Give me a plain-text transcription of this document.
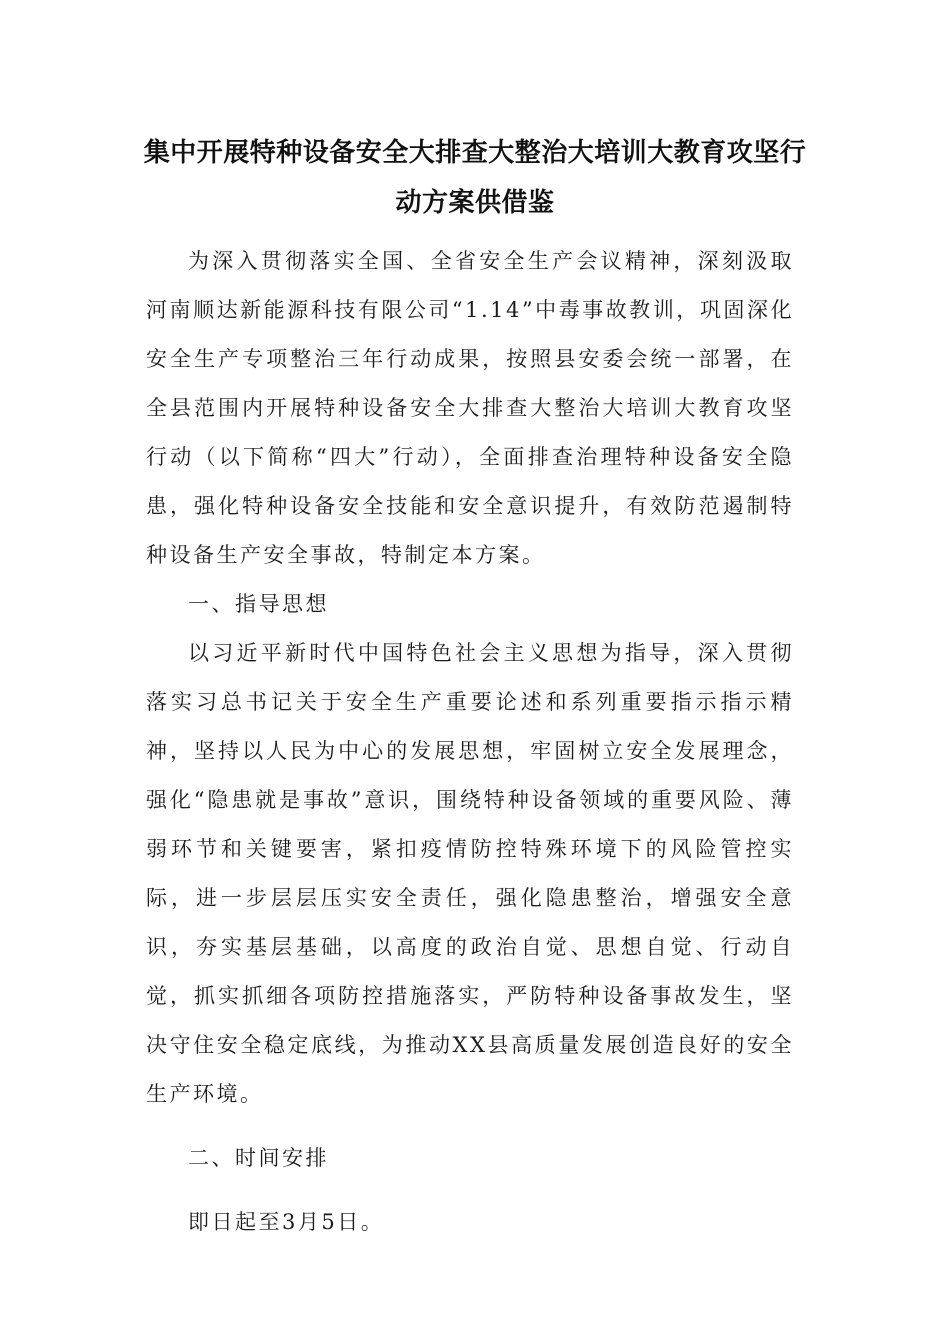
集中开展特种设备安全大排查大整治大培训大教育攻坚行
动方案供借鉴

为深入贯彻落实全国、全省安全生产会议精神，深刻汲取河南顺达新能源科技有限公司“1.14”中毒事故教训，巩固深化安全生产专项整治三年行动成果，按照县安委会统一部署，在全县范围内开展特种设备安全大排查大整治大培训大教育攻坚行动（以下简称“四大”行动），全面排查治理特种设备安全隐患，强化特种设备安全技能和安全意识提升，有效防范遏制特种设备生产安全事故，特制定本方案。

一、指导思想

以习近平新时代中国特色社会主义思想为指导，深入贯彻落实习总书记关于安全生产重要论述和系列重要指示指示精神，坚持以人民为中心的发展思想，牢固树立安全发展理念，强化“隐患就是事故”意识，围绕特种设备领域的重要风险、薄弱环节和关键要害，紧扣疫情防控特殊环境下的风险管控实际，进一步层层压实安全责任，强化隐患整治，增强安全意识，夯实基层基础，以高度的政治自觉、思想自觉、行动自觉，抓实抓细各项防控措施落实，严防特种设备事故发生，坚决守住安全稳定底线，为推动XX县高质量发展创造良好的安全生产环境。

二、时间安排

即日起至3月5日。
